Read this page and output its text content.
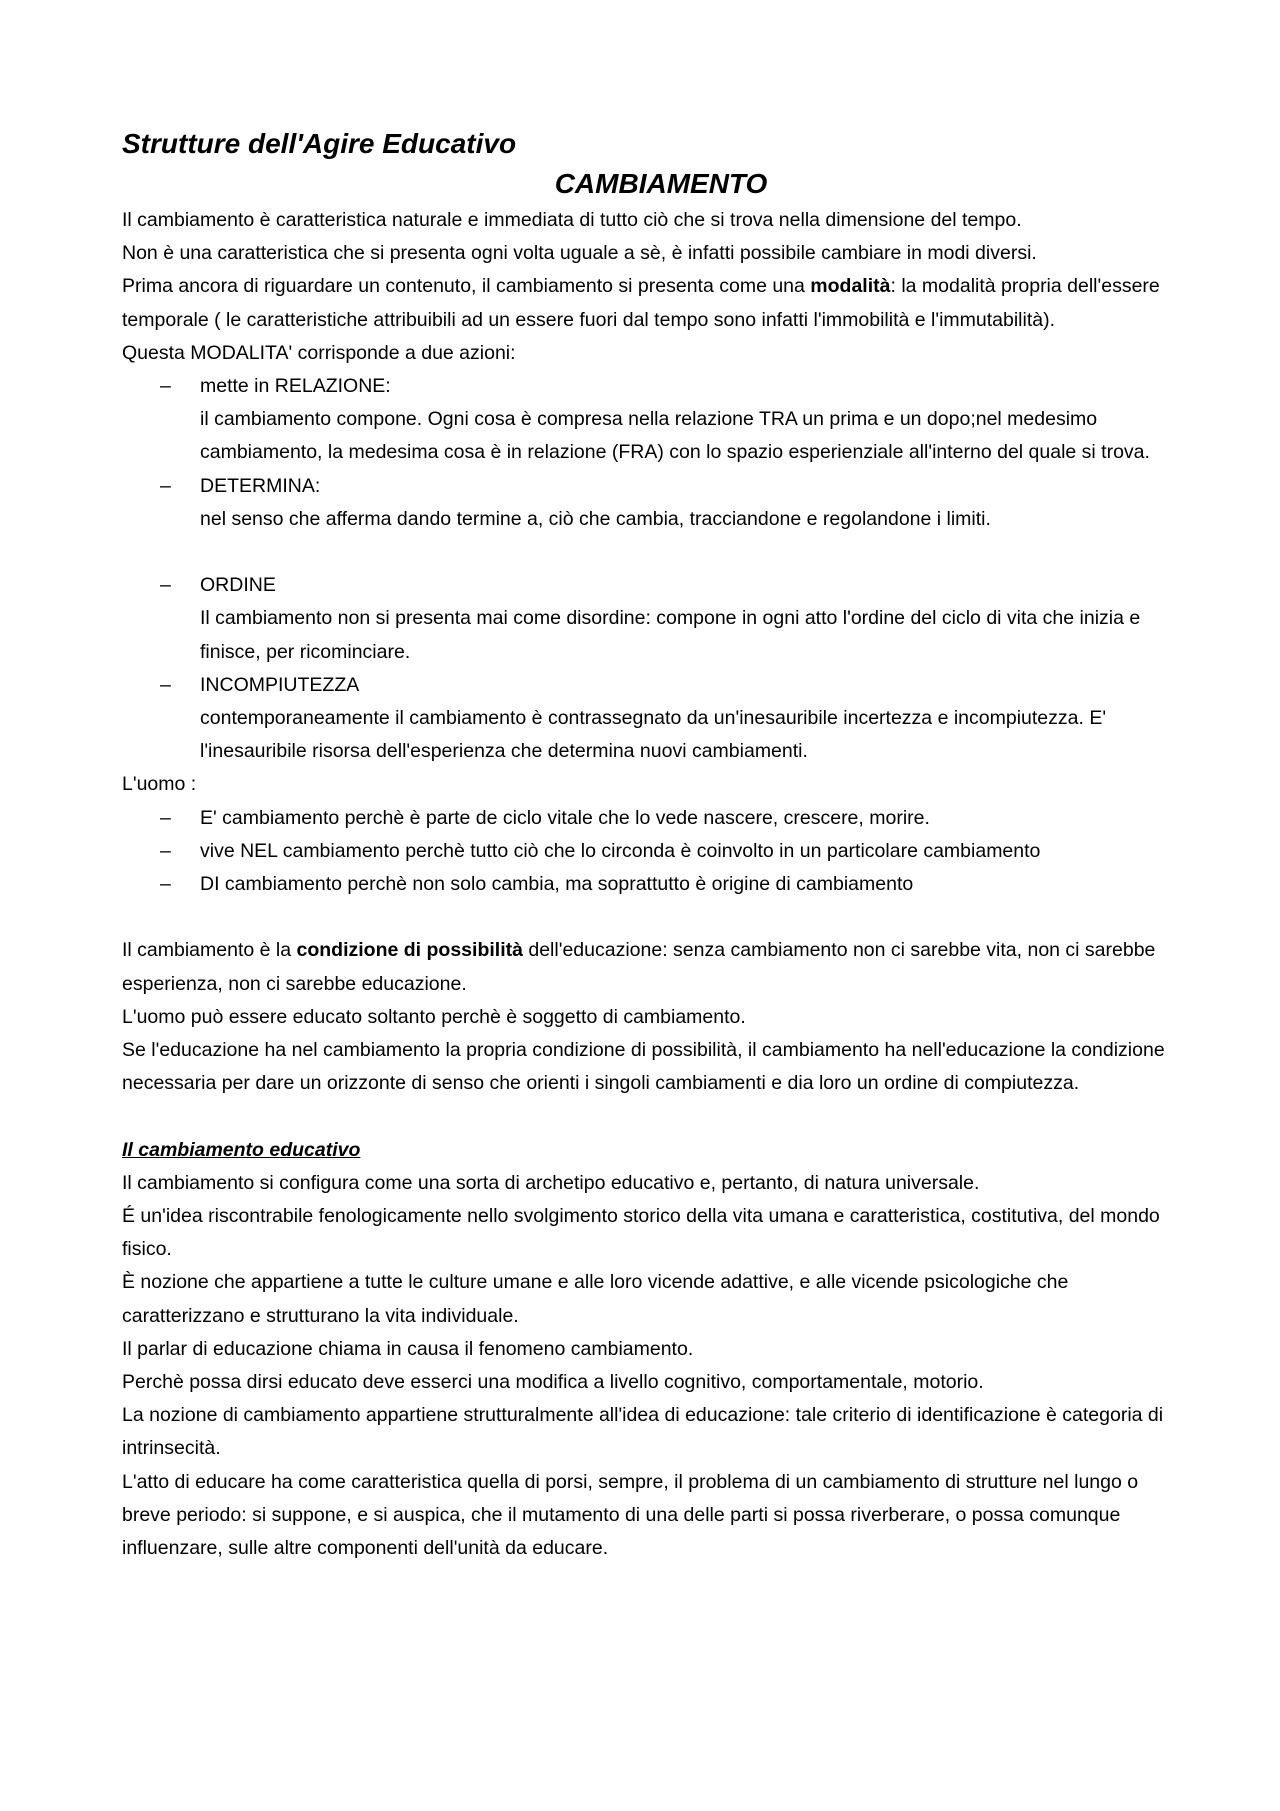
Strutture dell'Agire Educativo
CAMBIAMENTO

Il cambiamento è caratteristica naturale e immediata di tutto ciò che si trova nella dimensione del tempo.

Non è una caratteristica che si presenta ogni volta uguale a sè, è infatti possibile cambiare in modi diversi.

Prima ancora di riguardare un contenuto, il cambiamento si presenta come una modalità: la modalità propria dell'essere temporale ( le caratteristiche attribuibili ad un essere fuori dal tempo sono infatti l'immobilità e l'immutabilità).

Questa MODALITA' corrisponde a due azioni:

– mette in RELAZIONE:
il cambiamento compone. Ogni cosa è compresa nella relazione TRA un prima e un dopo;nel medesimo cambiamento, la medesima cosa è in relazione (FRA) con lo spazio esperienziale all'interno del quale si trova.
– DETERMINA:
nel senso che afferma dando termine a, ciò che cambia, tracciandone e regolandone i limiti.
– ORDINE
Il cambiamento non si presenta mai come disordine: compone in ogni atto l'ordine del ciclo di vita che inizia e finisce, per ricominciare.
– INCOMPIUTEZZA
contemporaneamente il cambiamento è contrassegnato da un'inesauribile incertezza e incompiutezza. E' l'inesauribile risorsa dell'esperienza che determina nuovi cambiamenti.

L'uomo :

– E' cambiamento perchè è parte de ciclo vitale che lo vede nascere, crescere, morire.
– vive NEL cambiamento perchè tutto ciò che lo circonda è coinvolto in un particolare cambiamento
– DI cambiamento perchè non solo cambia, ma soprattutto è origine di cambiamento

Il cambiamento è la condizione di possibilità dell'educazione: senza cambiamento non ci sarebbe vita, non ci sarebbe esperienza, non ci sarebbe educazione.

L'uomo può essere educato soltanto perchè è soggetto di cambiamento.

Se l'educazione ha nel cambiamento la propria condizione di possibilità, il cambiamento ha nell'educazione la condizione necessaria per dare un orizzonte di senso che orienti i singoli cambiamenti e dia loro un ordine di compiutezza.

Il cambiamento educativo

Il cambiamento si configura come una sorta di archetipo educativo e, pertanto, di natura universale.

É un'idea riscontrabile fenologicamente nello svolgimento storico della vita umana e caratteristica, costitutiva, del mondo fisico.

È nozione che appartiene a tutte le culture umane e alle loro vicende adattive, e alle vicende psicologiche che caratterizzano e strutturano la vita individuale.

Il parlar di educazione chiama in causa il fenomeno cambiamento.

Perchè possa dirsi educato deve esserci una modifica a livello cognitivo, comportamentale, motorio.

La nozione di cambiamento appartiene strutturalmente all'idea di educazione: tale criterio di identificazione è categoria di intrinsecità.

L'atto di educare ha come caratteristica quella di porsi, sempre, il problema di un cambiamento di strutture nel lungo o breve periodo: si suppone, e si auspica, che il mutamento di una delle parti si possa riverberare, o possa comunque influenzare, sulle altre componenti dell'unità da educare.
